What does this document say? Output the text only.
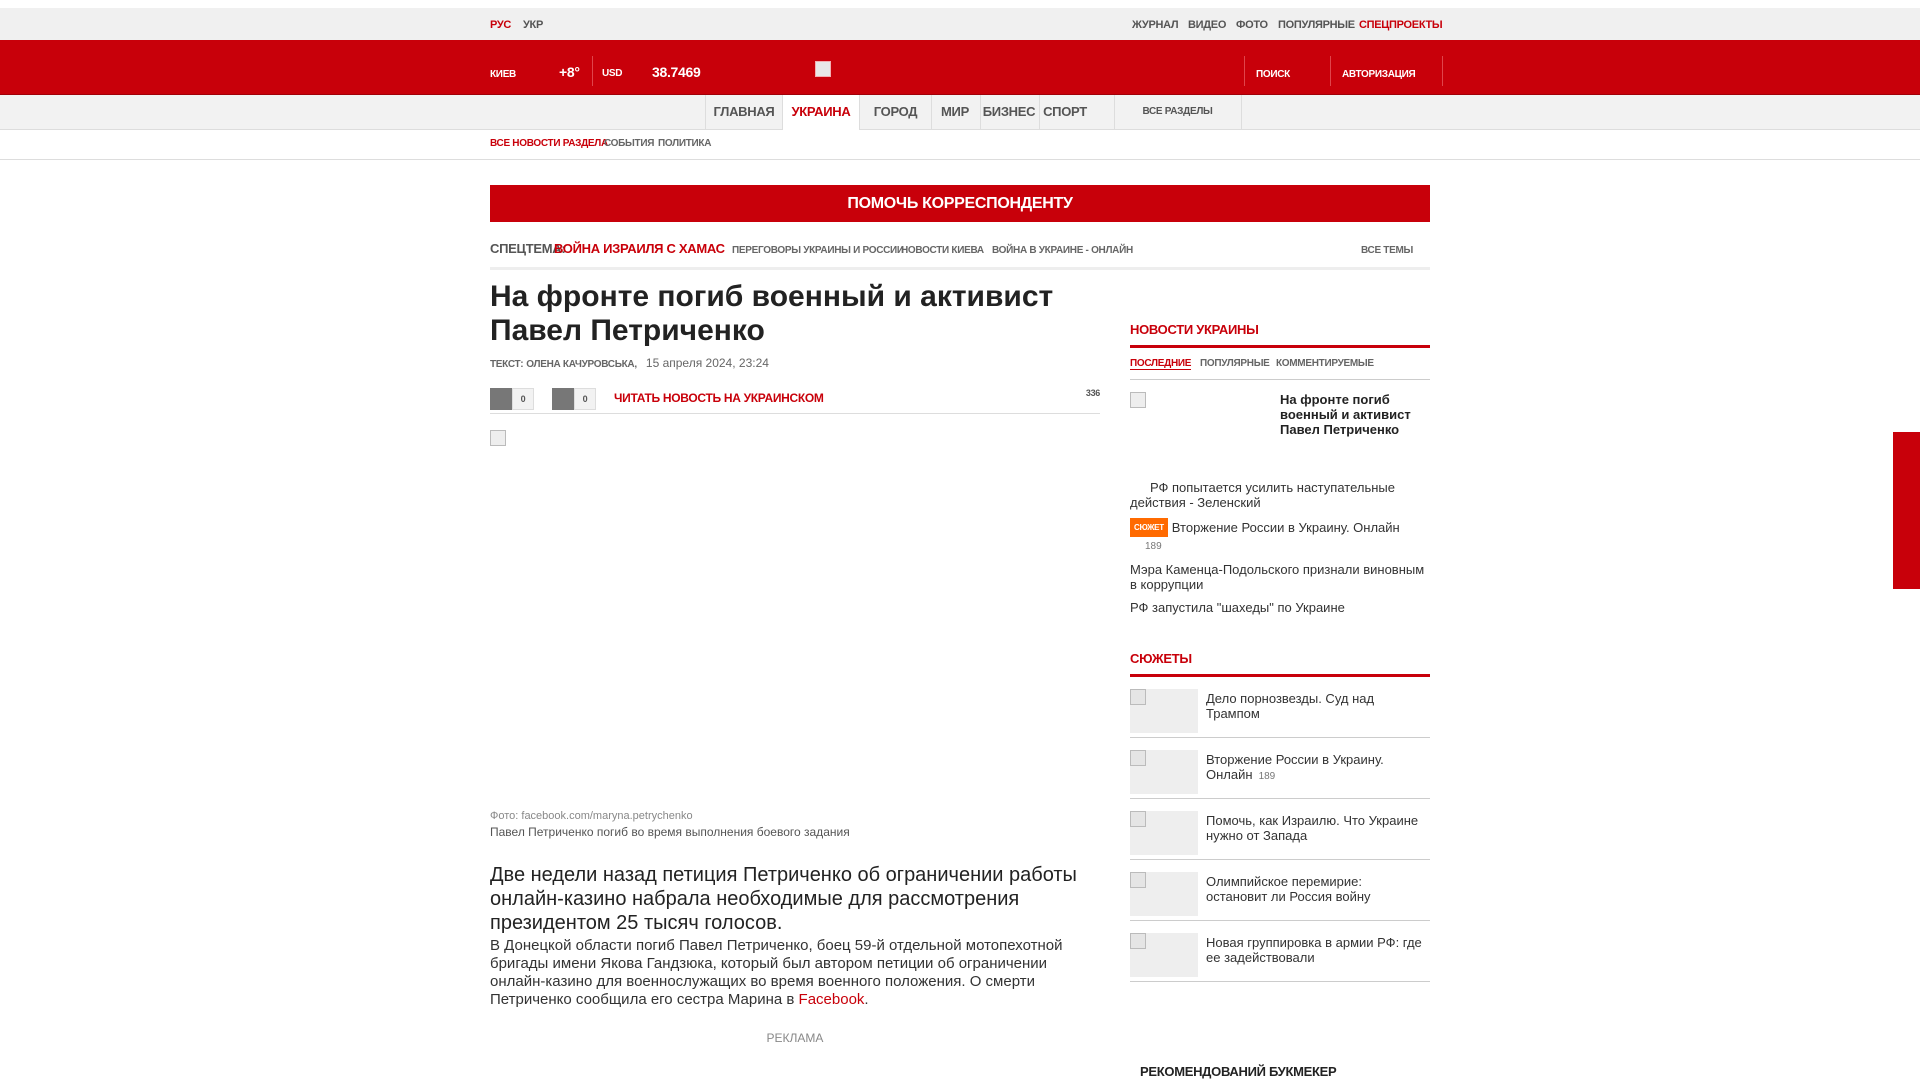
РУС УКР	ЖУРНАЛ ВИДЕО ФОТО ПОПУЛЯРНЫЕ СПЕЦПРОЕКТЫ
КИЕВ	+8° USD 38.7469	ПОИСК	АВТОРИЗАЦИЯ
ГЛАВНАЯ	УКРАИНА	ГОРОД	МИР	БИЗНЕС СПОРТ	ВСЕ РАЗДЕЛЫ
ВСЕ НОВОСТИ РАЗДЕЛА
СОБЫТИЯ ПОЛИТИКА
ПОМОЧЬ КОРРЕСПОНДЕНТУ
СПЕЦТЕМА:
ВОЙНА ИЗРАИЛЯ С ХАМАС ПЕРЕГОВОРЫ УКРАИНЫ И РОССИИ
НОВОСТИ КИЕВА ВОЙНА В УКРАИНЕ - ОНЛАЙН	ВСЕ ТЕМЫ
На фронте погиб военный и активист Павел Петриченко
ТЕКСТ: ОЛЕНА КАЧУРОВСЬКА, 15 апреля 2024, 23:24
0	0	ЧИТАТЬ НОВОСТЬ НА УКРАИНСКОМ	336
Фото: facebook.com/maryna.petrychenko
Павел Петриченко погиб во время выполнения боевого задания
Две недели назад петиция Петриченко об ограничении работы онлайн-казино набрала необходимые для рассмотрения президентом 25 тысяч голосов.
В Донецкой области погиб Павел Петриченко, боец 59-й отдельной мотопехотной бригады имени Якова Гандзюка, который был автором петиции об ограничении онлайн-казино для военнослужащих во время военного положения. О смерти Петриченко сообщила его сестра Марина в Facebook.
РЕКЛАМА
НОВОСТИ УКРАИНЫ
ПОСЛЕДНИЕ ПОПУЛЯРНЫЕ КОММЕНТИРУЕМЫЕ
На фронте погиб военный и активист Павел Петриченко
РФ попытается усилить наступательные действия - Зеленский
СЮЖЕТ Вторжение России в Украину. Онлайн
189
Мэра Каменца-Подольского признали виновным в коррупции
РФ запустила "шахеды" по Украине
СЮЖЕТЫ
Дело порнозвезды. Суд над Трампом
Вторжение России в Украину. Онлайн 189
Помочь, как Израилю. Что Украине нужно от Запада
Олимпийское перемирие: остановит ли Россия войну
Новая группировка в армии РФ: где ее задействовали
РЕКОМЕНДОВАНИЙ БУКМЕКЕР
